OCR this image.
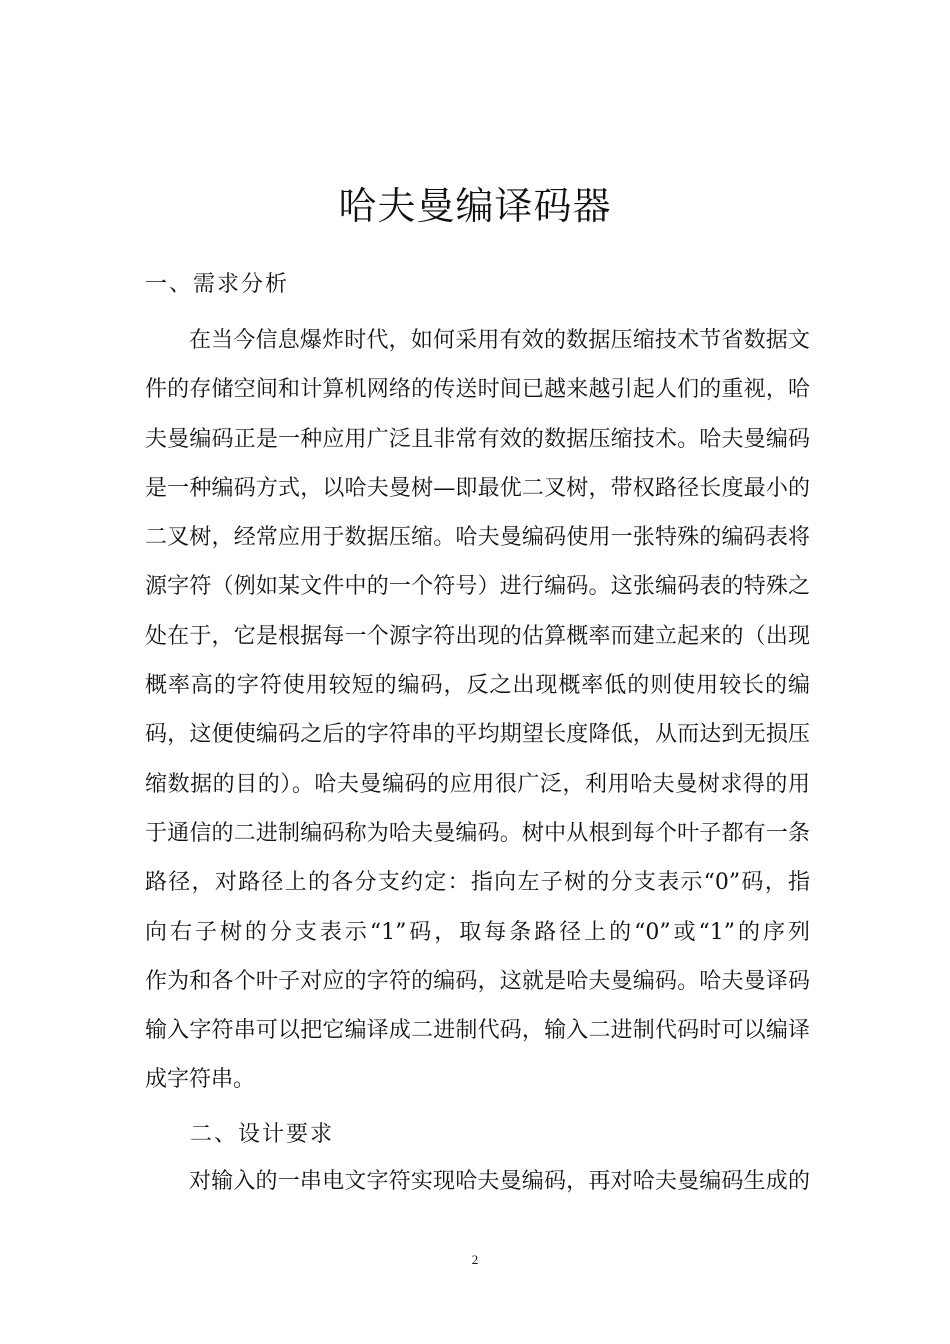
哈夫曼编译码器
一、需求分析
在当今信息爆炸时代，如何采用有效的数据压缩技术节省数据文
件的存储空间和计算机网络的传送时间已越来越引起人们的重视，哈
夫曼编码正是一种应用广泛且非常有效的数据压缩技术。哈夫曼编码
是一种编码方式，以哈夫曼树—即最优二叉树，带权路径长度最小的
二叉树，经常应用于数据压缩。哈夫曼编码使用一张特殊的编码表将
源字符（例如某文件中的一个符号）进行编码。这张编码表的特殊之
处在于，它是根据每一个源字符出现的估算概率而建立起来的（出现
概率高的字符使用较短的编码，反之出现概率低的则使用较长的编
码，这便使编码之后的字符串的平均期望长度降低，从而达到无损压
缩数据的目的）。哈夫曼编码的应用很广泛，利用哈夫曼树求得的用
于通信的二进制编码称为哈夫曼编码。树中从根到每个叶子都有一条
路径，对路径上的各分支约定：指向左子树的分支表示“0”码，指
向右子树的分支表示“1”码，取每条路径上的“0”或“1”的序列
作为和各个叶子对应的字符的编码，这就是哈夫曼编码。哈夫曼译码
输入字符串可以把它编译成二进制代码，输入二进制代码时可以编译
成字符串。
二、设计要求
对输入的一串电文字符实现哈夫曼编码，再对哈夫曼编码生成的
2
